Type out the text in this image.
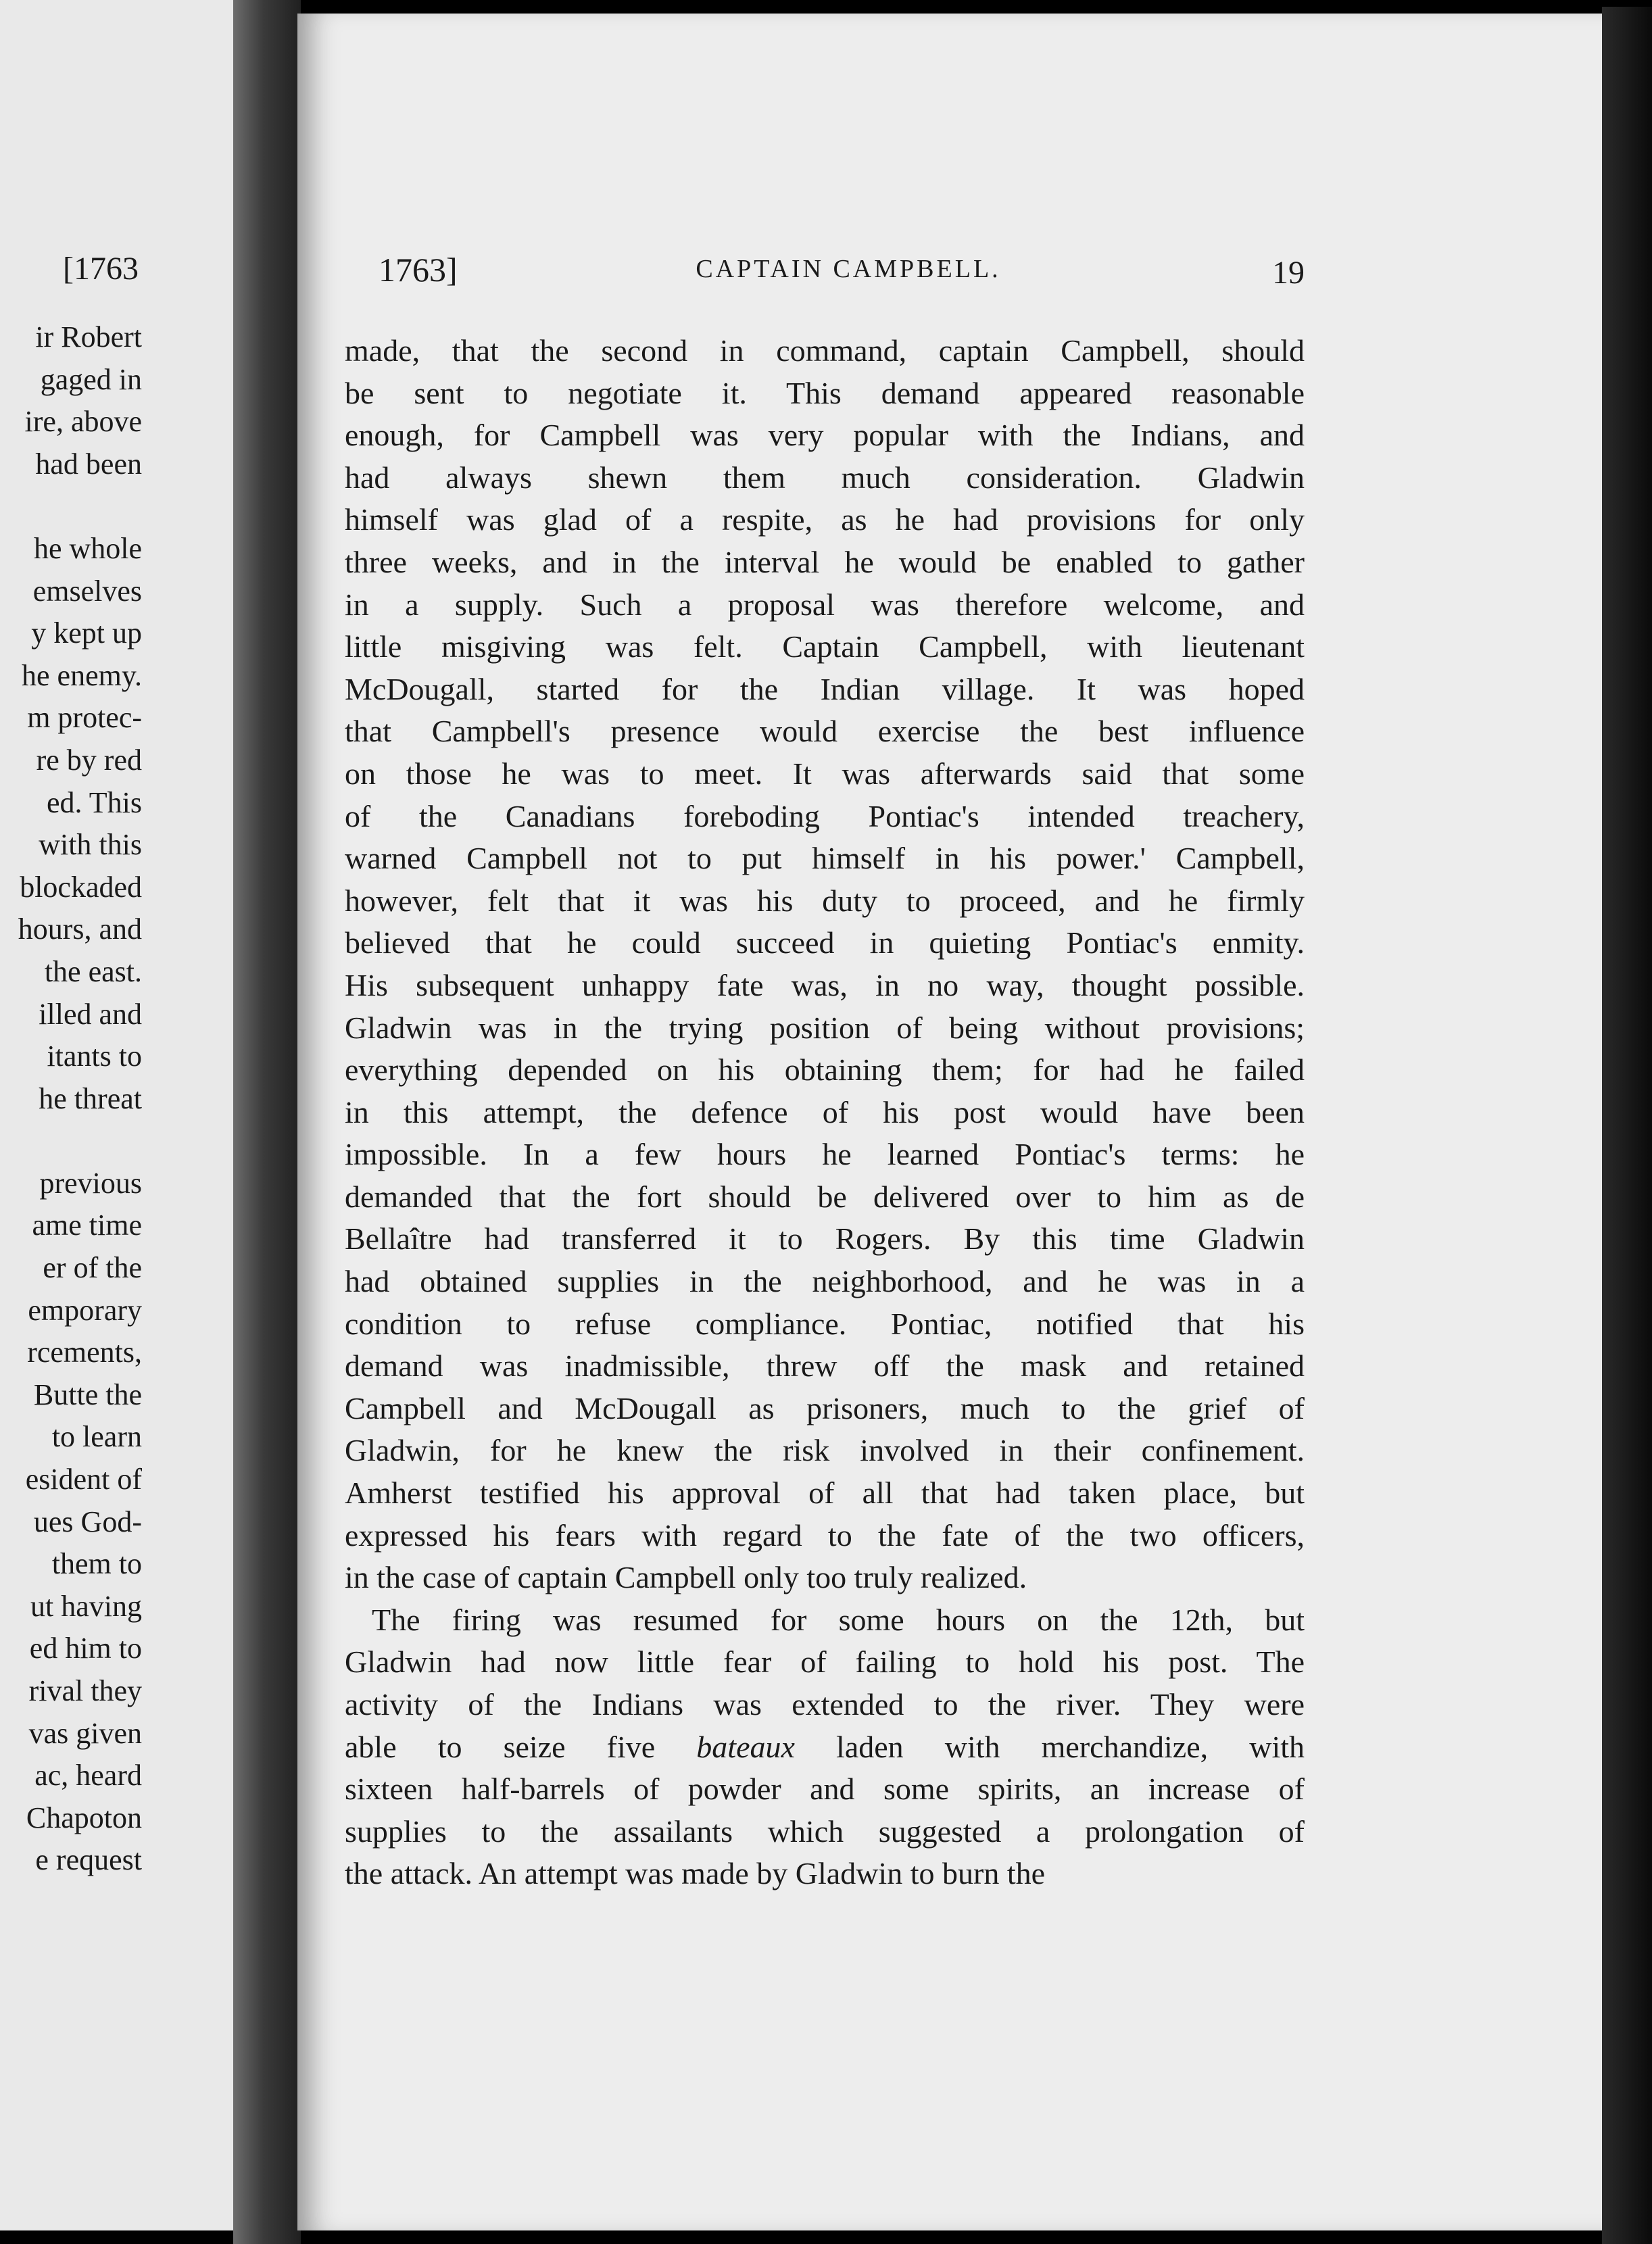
[1763
ir Robert
gaged in
ire, above
had been
he whole
emselves
y kept up
he enemy.
m protec-
re by red
ed. This
with this
blockaded
hours, and
the east.
illed and
itants to
he threat
previous
ame time
er of the
emporary
rcements,
Butte the
to learn
esident of
ues God-
them to
ut having
ed him to
rival they
vas given
ac, heard
Chapoton
e request
1763]	CAPTAIN CAMPBELL.	19
made, that the second in command, captain Campbell, should
be sent to negotiate it. This demand appeared reasonable
enough, for Campbell was very popular with the Indians, and
had always shewn them much consideration. Gladwin
himself was glad of a respite, as he had provisions for only
three weeks, and in the interval he would be enabled to gather
in a supply. Such a proposal was therefore welcome, and
little misgiving was felt. Captain Campbell, with lieutenant
McDougall, started for the Indian village. It was hoped
that Campbell's presence would exercise the best influence
on those he was to meet. It was afterwards said that some
of the Canadians foreboding Pontiac's intended treachery,
warned Campbell not to put himself in his power.' Campbell,
however, felt that it was his duty to proceed, and he firmly
believed that he could succeed in quieting Pontiac's enmity.
His subsequent unhappy fate was, in no way, thought possible.
Gladwin was in the trying position of being without provisions;
everything depended on his obtaining them; for had he failed
in this attempt, the defence of his post would have been
impossible. In a few hours he learned Pontiac's terms: he
demanded that the fort should be delivered over to him as de
Bellaître had transferred it to Rogers. By this time Gladwin
had obtained supplies in the neighborhood, and he was in a
condition to refuse compliance. Pontiac, notified that his
demand was inadmissible, threw off the mask and retained
Campbell and McDougall as prisoners, much to the grief of
Gladwin, for he knew the risk involved in their confinement.
Amherst testified his approval of all that had taken place, but
expressed his fears with regard to the fate of the two officers,
in the case of captain Campbell only too truly realized.
The firing was resumed for some hours on the 12th, but
Gladwin had now little fear of failing to hold his post. The
activity of the Indians was extended to the river. They were
able to seize five bateaux laden with merchandize, with
sixteen half-barrels of powder and some spirits, an increase of
supplies to the assailants which suggested a prolongation of
the attack. An attempt was made by Gladwin to burn the
